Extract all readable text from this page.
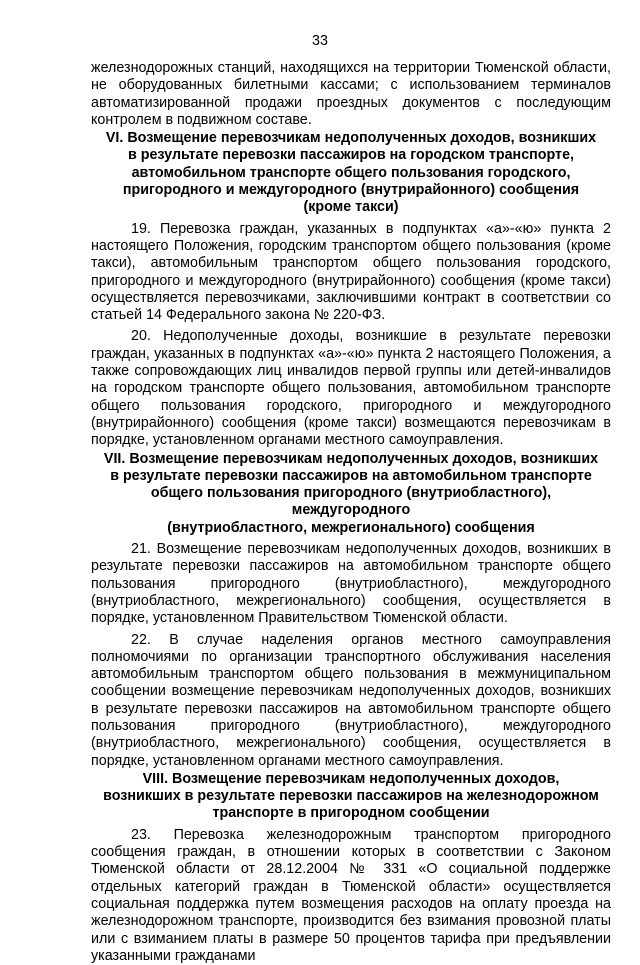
33

железнодорожных станций, находящихся на территории Тюменской области, не оборудованных билетными кассами; с использованием терминалов автоматизированной продажи проездных документов с последующим контролем в подвижном составе.

VI. Возмещение перевозчикам недополученных доходов, возникших
в результате перевозки пассажиров на городском транспорте,
автомобильном транспорте общего пользования городского,
пригородного и междугородного (внутрирайонного) сообщения
(кроме такси)

19. Перевозка граждан, указанных в подпунктах «а»-«ю» пункта 2 настоящего Положения, городским транспортом общего пользования (кроме такси), автомобильным транспортом общего пользования городского, пригородного и междугородного (внутрирайонного) сообщения (кроме такси) осуществляется перевозчиками, заключившими контракт в соответствии со статьей 14 Федерального закона № 220-ФЗ.

20. Недополученные доходы, возникшие в результате перевозки граждан, указанных в подпунктах «а»-«ю» пункта 2 настоящего Положения, а также сопровождающих лиц инвалидов первой группы или детей-инвалидов на городском транспорте общего пользования, автомобильном транспорте общего пользования городского, пригородного и междугородного (внутрирайонного) сообщения (кроме такси) возмещаются перевозчикам в порядке, установленном органами местного самоуправления.

VII. Возмещение перевозчикам недополученных доходов, возникших
в результате перевозки пассажиров на автомобильном транспорте
общего пользования пригородного (внутриобластного), междугородного
(внутриобластного, межрегионального) сообщения

21. Возмещение перевозчикам недополученных доходов, возникших в результате перевозки пассажиров на автомобильном транспорте общего пользования пригородного (внутриобластного), междугородного (внутриобластного, межрегионального) сообщения, осуществляется в порядке, установленном Правительством Тюменской области.

22. В случае наделения органов местного самоуправления полномочиями по организации транспортного обслуживания населения автомобильным транспортом общего пользования в межмуниципальном сообщении возмещение перевозчикам недополученных доходов, возникших в результате перевозки пассажиров на автомобильном транспорте общего пользования пригородного (внутриобластного), междугородного (внутриобластного, межрегионального) сообщения, осуществляется в порядке, установленном органами местного самоуправления.

VIII. Возмещение перевозчикам недополученных доходов,
возникших в результате перевозки пассажиров на железнодорожном
транспорте в пригородном сообщении

23. Перевозка железнодорожным транспортом пригородного сообщения граждан, в отношении которых в соответствии с Законом Тюменской области от 28.12.2004 № 331 «О социальной поддержке отдельных категорий граждан в Тюменской области» осуществляется социальная поддержка путем возмещения расходов на оплату проезда на железнодорожном транспорте, производится без взимания провозной платы или с взиманием платы в размере 50 процентов тарифа при предъявлении указанными гражданами
